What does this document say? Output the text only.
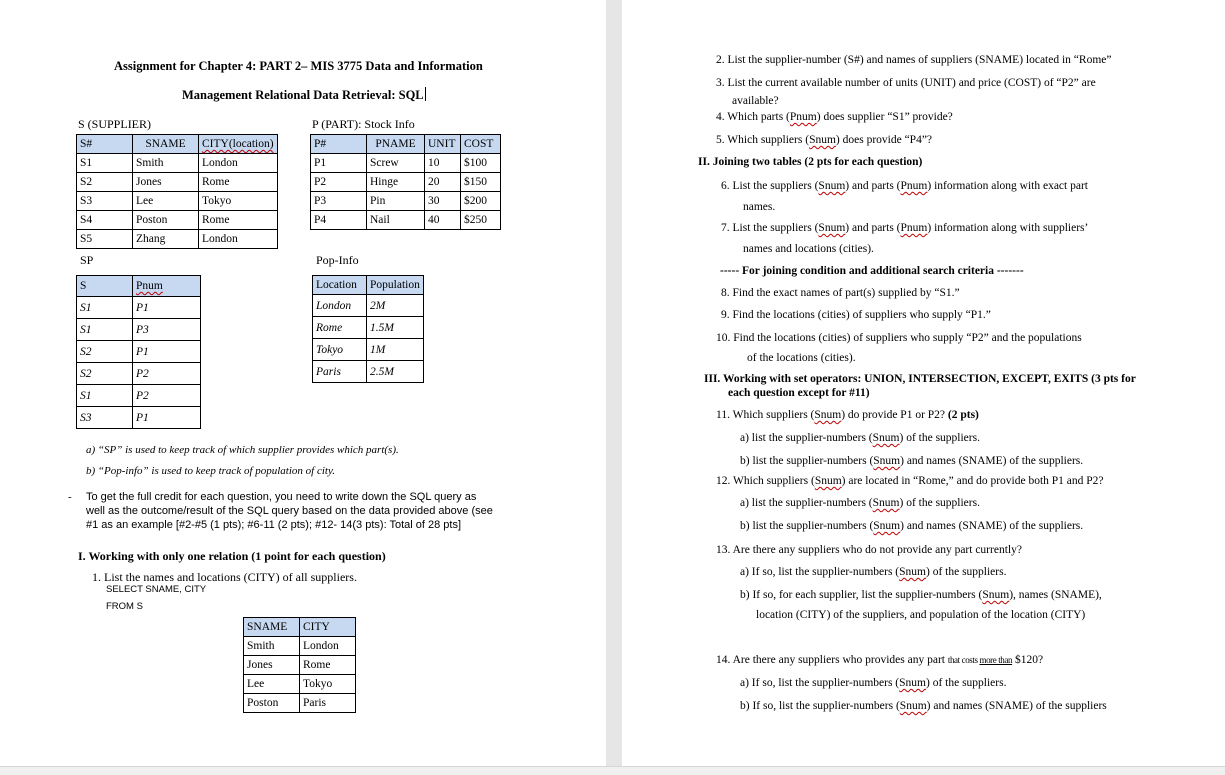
Assignment for Chapter 4: PART 2– MIS 3775 Data and Information
Management Relational Data Retrieval: SQL
S (SUPPLIER)
S#	SNAME	CITY(location)
S1	Smith	London
S2	Jones	Rome
S3	Lee	Tokyo
S4	Poston	Rome
S5	Zhang	London
P (PART): Stock Info
P#	PNAME	UNIT	COST
P1	Screw	10	$100
P2	Hinge	20	$150
P3	Pin	30	$200
P4	Nail	40	$250
SP
S	Pnum
S1	P1
S1	P3
S2	P1
S2	P2
S1	P2
S3	P1
Pop-Info
Location	Population
London	2M
Rome	1.5M
Tokyo	1M
Paris	2.5M
a) “SP” is used to keep track of which supplier provides which part(s).
b) “Pop-info” is used to keep track of population of city.
- To get the full credit for each question, you need to write down the SQL query as
well as the outcome/result of the SQL query based on the data provided above (see
#1 as an example [#2-#5 (1 pts); #6-11 (2 pts); #12- 14(3 pts): Total of 28 pts]
I. Working with only one relation (1 point for each question)
1. List the names and locations (CITY) of all suppliers.
SELECT SNAME, CITY
FROM S
SNAME	CITY
Smith	London
Jones	Rome
Lee	Tokyo
Poston	Paris
2. List the supplier-number (S#) and names of suppliers (SNAME) located in “Rome”
3. List the current available number of units (UNIT) and price (COST) of “P2” are
available?
4. Which parts (Pnum) does supplier “S1” provide?
5. Which suppliers (Snum) does provide “P4”?
II. Joining two tables (2 pts for each question)
6. List the suppliers (Snum) and parts (Pnum) information along with exact part
names.
7. List the suppliers (Snum) and parts (Pnum) information along with suppliers’
names and locations (cities).
----- For joining condition and additional search criteria -------
8. Find the exact names of part(s) supplied by “S1.”
9. Find the locations (cities) of suppliers who supply “P1.”
10. Find the locations (cities) of suppliers who supply “P2” and the populations
of the locations (cities).
III. Working with set operators: UNION, INTERSECTION, EXCEPT, EXITS (3 pts for
each question except for #11)
11. Which suppliers (Snum) do provide P1 or P2? (2 pts)
a) list the supplier-numbers (Snum) of the suppliers.
b) list the supplier-numbers (Snum) and names (SNAME) of the suppliers.
12. Which suppliers (Snum) are located in “Rome,” and do provide both P1 and P2?
a) list the supplier-numbers (Snum) of the suppliers.
b) list the supplier-numbers (Snum) and names (SNAME) of the suppliers.
13. Are there any suppliers who do not provide any part currently?
a) If so, list the supplier-numbers (Snum) of the suppliers.
b) If so, for each supplier, list the supplier-numbers (Snum), names (SNAME),
location (CITY) of the suppliers, and population of the location (CITY)
14. Are there any suppliers who provides any part that costs more than $120?
a) If so, list the supplier-numbers (Snum) of the suppliers.
b) If so, list the supplier-numbers (Snum) and names (SNAME) of the suppliers
